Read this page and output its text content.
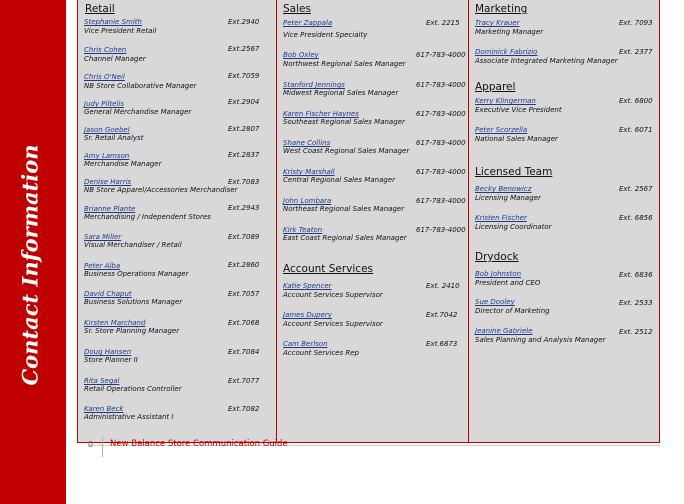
Contact Information
Retail
Stephanie Smith
Vice President Retail
Ext.2940
Chris Cohen
Channel Manager
Ext.2567
Chris O'Neil
NB Store Collaborative Manager
Ext.7059
Judy Piltelis
General Merchandise Manager
Ext.2904
Jason Goebel
Sr. Retail Analyst
Ext.2807
Amy Lamson
Merchandise Manager
Ext.2837
Denise Harris
NB Store Apparel/Accessories Merchandiser
Ext.7083
Brianne Plante
Merchandising / Independent Stores
Ext.2943
Sara Miller
Visual Merchandiser / Retail
Ext.7089
Peter Alba
Business Operations Manager
Ext.2860
David Chaput
Business Solutions Manager
Ext.7057
Kirsten Marchand
Sr. Store Planning Manager
Ext.7068
Doug Hansen
Store Planner II
Ext.7084
Rita Segal
Retail Operations Controller
Ext.7077
Karen Beck
Administrative Assistant I
Ext.7082
Sales
Peter Zappala
Vice President Specialty
Ext. 2215
Bob Oxley
Northwest Regional Sales Manager
617-783-4000
Stanford Jennings
Midwest Regional Sales Manager
617-783-4000
Karen Fischer Haynes
Southeast Regional Sales Manager
617-783-4000
Shane Collins
West Coast Regional Sales Manager
617-783-4000
Kristy Marshall
Central Regional Sales Manager
617-783-4000
John Lombara
Northeast Regional Sales Manager
617-783-4000
Kirk Teaton
East Coast Regional Sales Manager
617-783-4000
Account Services
Katie Spencer
Account Services Supervisor
Ext. 2410
James Dupery
Account Services Supervisor
Ext.7042
Cam Berlson
Account Services Rep
Ext.6873
Marketing
Tracy Krauer
Marketing Manager
Ext. 7093
Dominick Fabrizio
Associate Integrated Marketing Manager
Ext. 2377
Apparel
Kerry Klingerman
Executive Vice President
Ext. 6800
Peter Scorzella
National Sales Manager
Ext. 6071
Licensed Team
Becky Benowicz
Licensing Manager
Ext. 2567
Kristen Fischer
Licensing Coordinator
Ext. 6856
Drydock
Bob Johnston
President and CEO
Ext. 6836
Sue Dooley
Director of Marketing
Ext. 2533
Jeanine Gabriele
Sales Planning and Analysis Manager
Ext. 2512
0 New Balance Store Communication Guide
